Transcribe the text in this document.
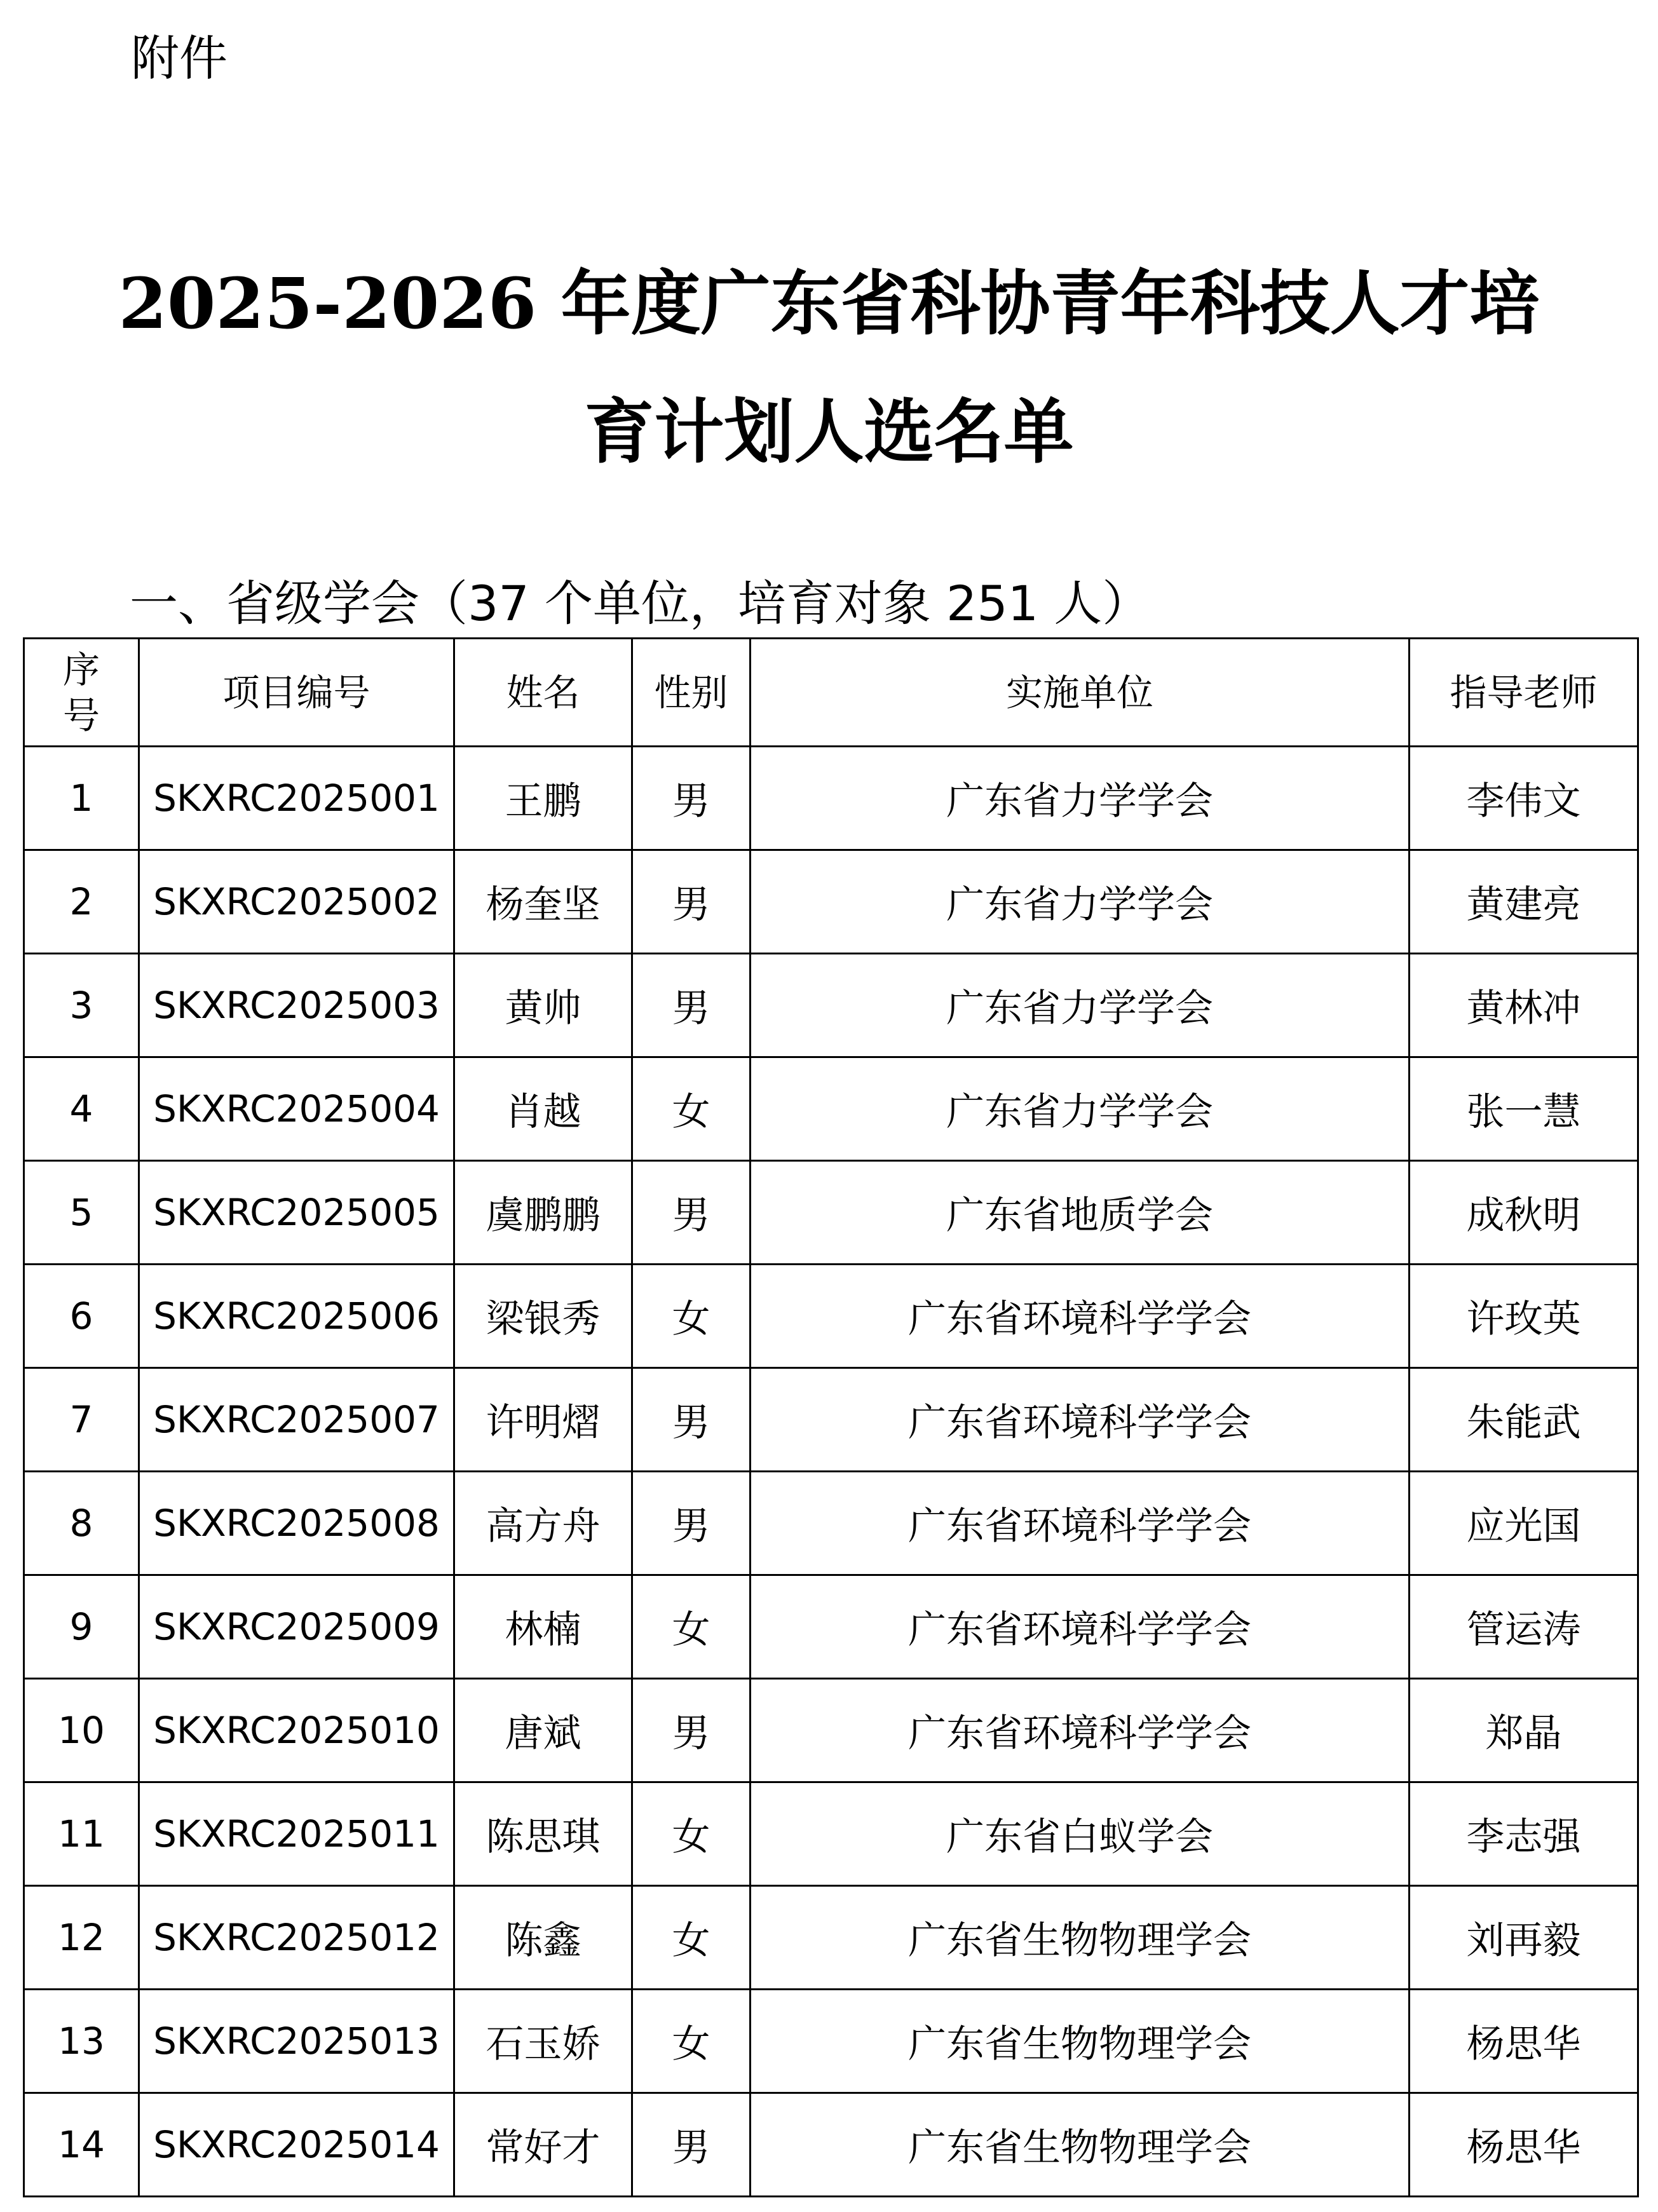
附件
2025-2026 年度广东省科协青年科技人才培
育计划人选名单
一、省级学会（37 个单位，培育对象 251 人）
序号	项目编号	姓名	性别	实施单位	指导老师
1	SKXRC2025001	王鹏	男	广东省力学学会	李伟文
2	SKXRC2025002	杨奎坚	男	广东省力学学会	黄建亮
3	SKXRC2025003	黄帅	男	广东省力学学会	黄林冲
4	SKXRC2025004	肖越	女	广东省力学学会	张一慧
5	SKXRC2025005	虞鹏鹏	男	广东省地质学会	成秋明
6	SKXRC2025006	梁银秀	女	广东省环境科学学会	许玫英
7	SKXRC2025007	许明熠	男	广东省环境科学学会	朱能武
8	SKXRC2025008	高方舟	男	广东省环境科学学会	应光国
9	SKXRC2025009	林楠	女	广东省环境科学学会	管运涛
10	SKXRC2025010	唐斌	男	广东省环境科学学会	郑晶
11	SKXRC2025011	陈思琪	女	广东省白蚁学会	李志强
12	SKXRC2025012	陈鑫	女	广东省生物物理学会	刘再毅
13	SKXRC2025013	石玉娇	女	广东省生物物理学会	杨思华
14	SKXRC2025014	常好才	男	广东省生物物理学会	杨思华
